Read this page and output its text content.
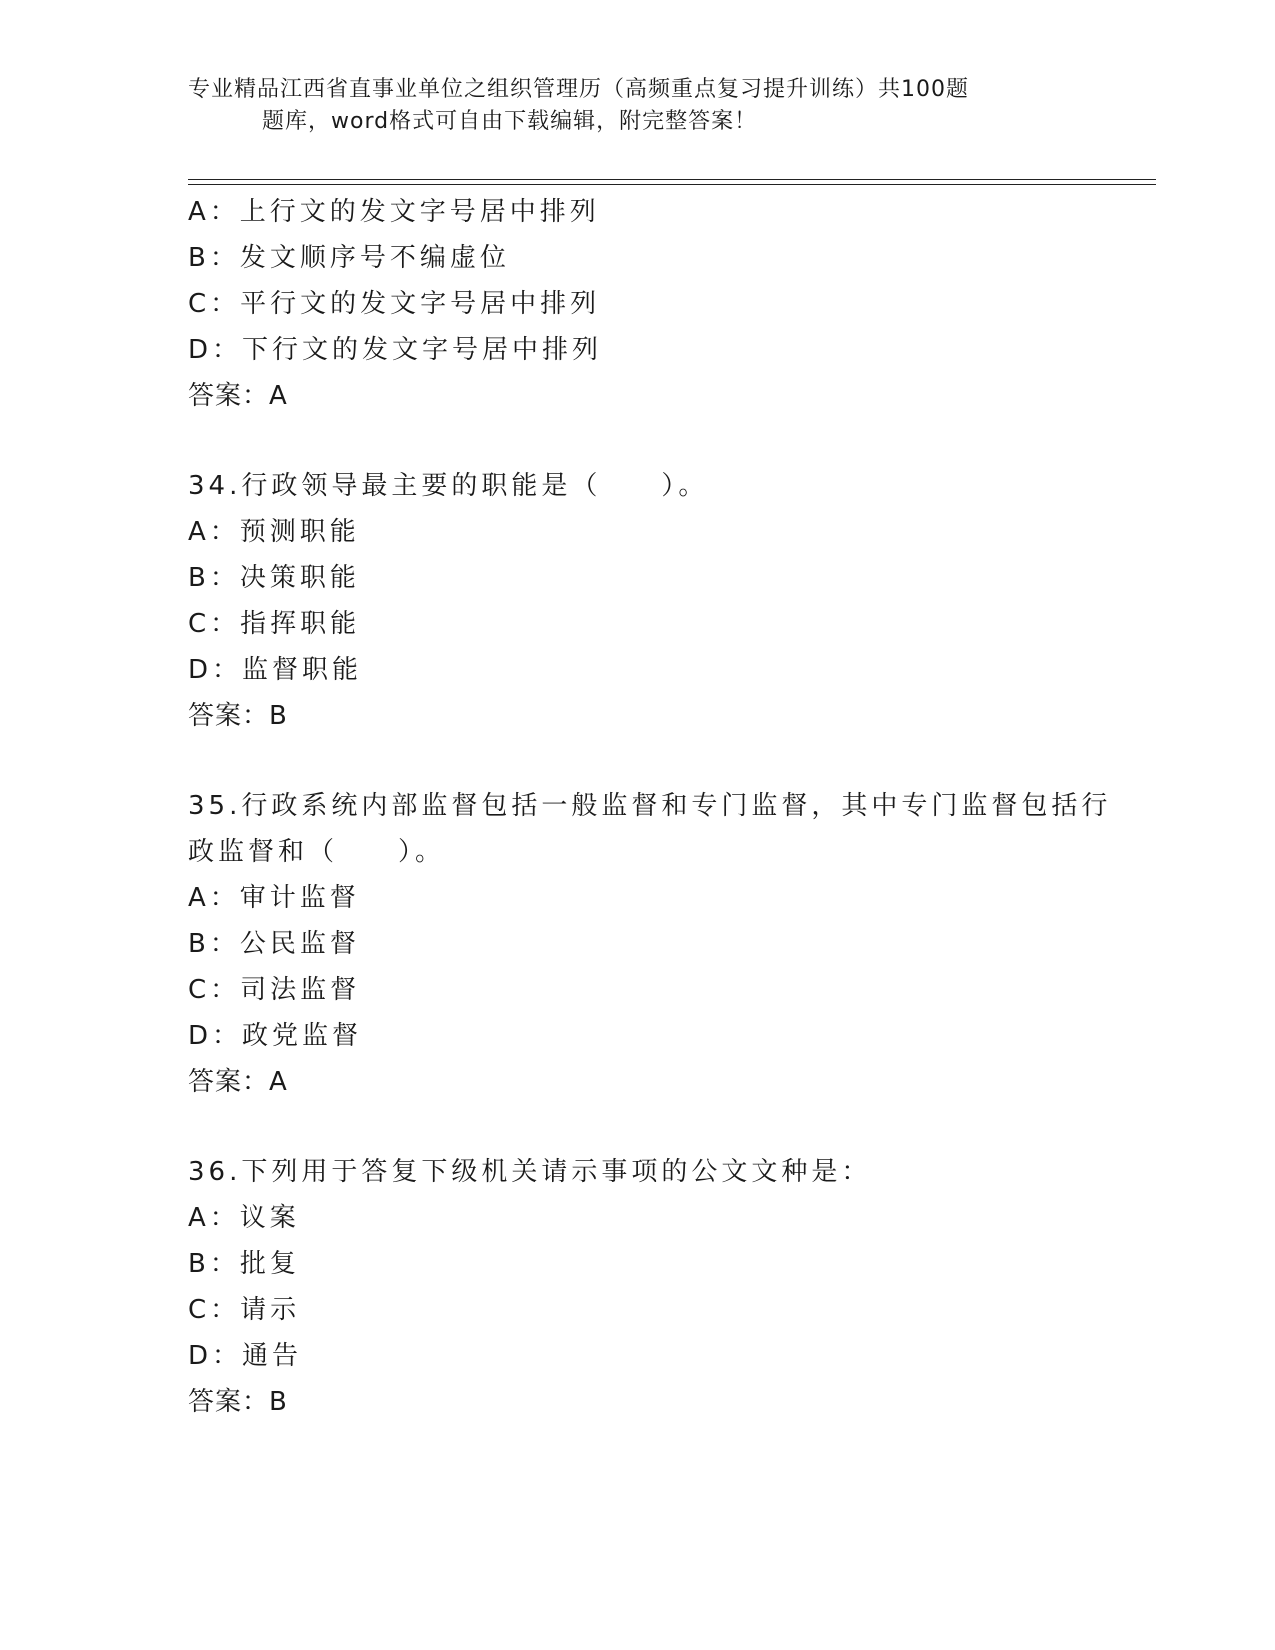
专业精品江西省直事业单位之组织管理历（高频重点复习提升训练）共100题
题库，word格式可自由下载编辑，附完整答案！
A：上行文的发文字号居中排列
B：发文顺序号不编虚位
C：平行文的发文字号居中排列
D：下行文的发文字号居中排列
答案：A
34.行政领导最主要的职能是（　　）。
A：预测职能
B：决策职能
C：指挥职能
D：监督职能
答案：B
35.行政系统内部监督包括一般监督和专门监督，其中专门监督包括行
政监督和（　　）。
A：审计监督
B：公民监督
C：司法监督
D：政党监督
答案：A
36.下列用于答复下级机关请示事项的公文文种是：
A：议案
B：批复
C：请示
D：通告
答案：B
